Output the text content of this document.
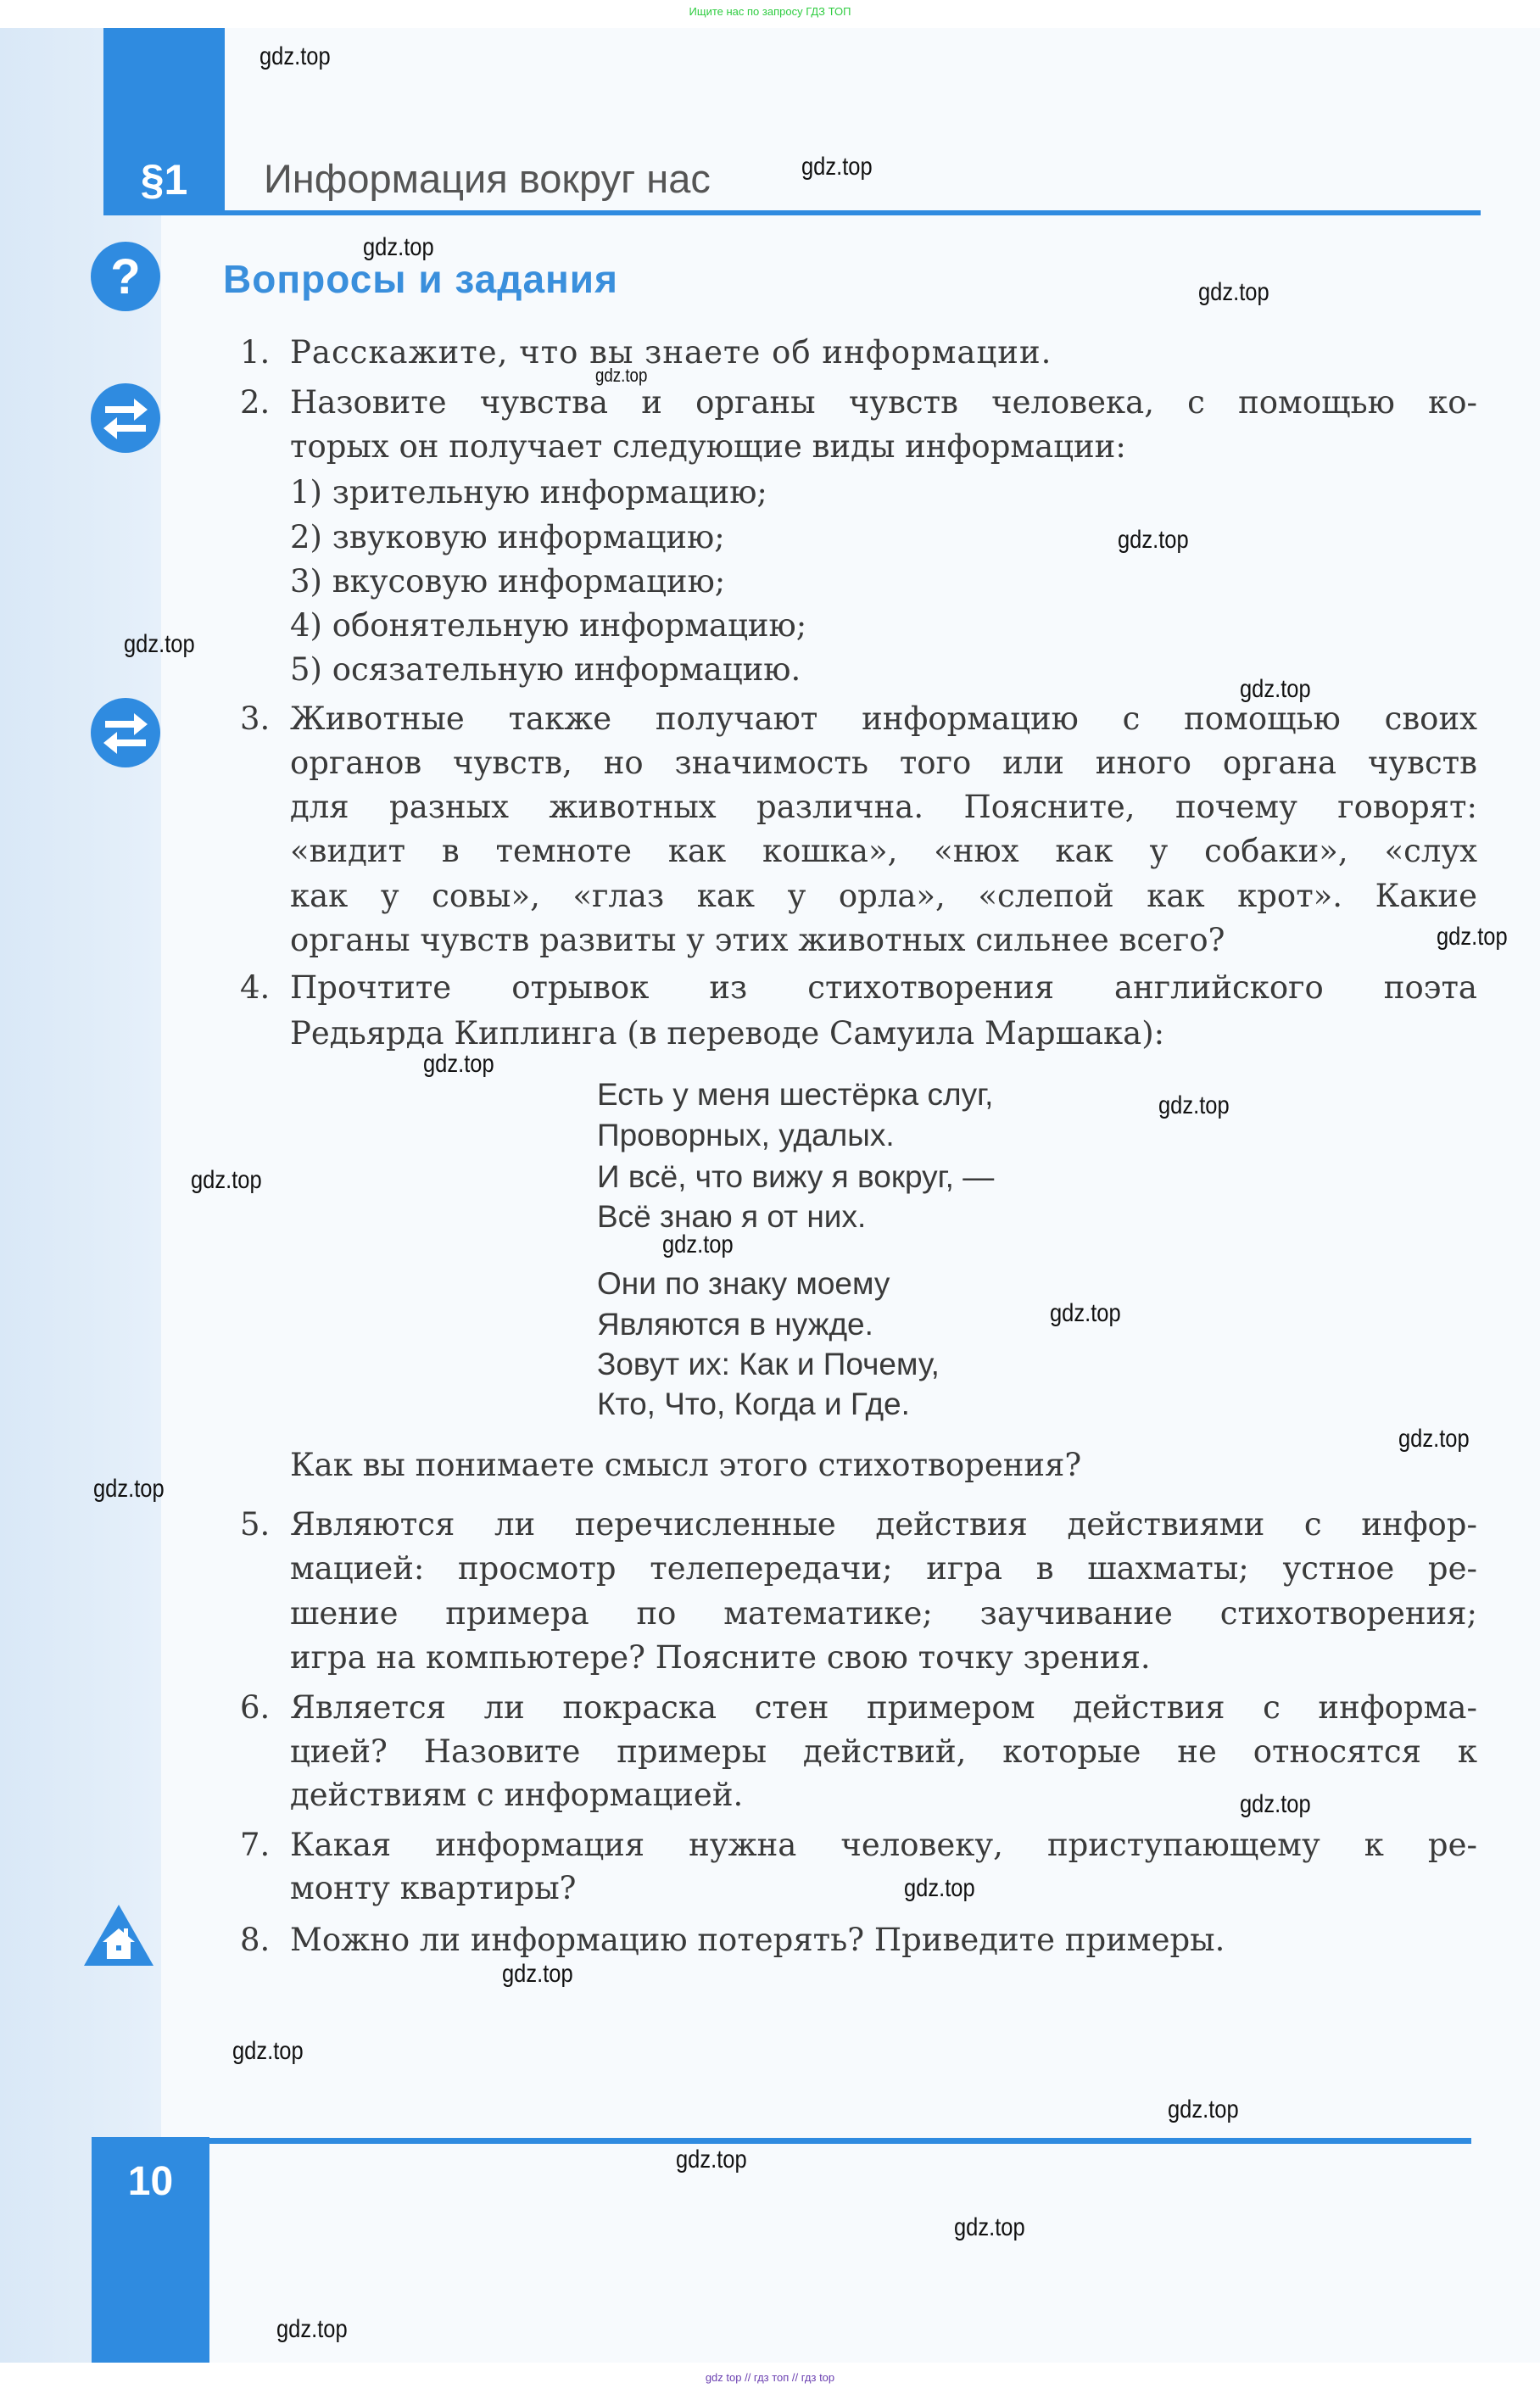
Ищите нас по запросу ГДЗ ТОП
§1	Информация вокруг нас
? Вопросы и задания
1. Расскажите, что вы знаете об информации.
2. Назовите чувства и органы чувств человека, с помощью ко-
торых он получает следующие виды информации:
1) зрительную информацию;
2) звуковую информацию;
3) вкусовую информацию;
4) обонятельную информацию;
5) осязательную информацию.
3. Животные также получают информацию с помощью своих
органов чувств, но значимость того или иного органа чувств
для разных животных различна. Поясните, почему говорят:
«видит в темноте как кошка», «нюх как у собаки», «слух
как у совы», «глаз как у орла», «слепой как крот». Какие
органы чувств развиты у этих животных сильнее всего?
4. Прочтите отрывок из стихотворения английского поэта
Редьярда Киплинга (в переводе Самуила Маршака):
Есть у меня шестёрка слуг,
Проворных, удалых.
И всё, что вижу я вокруг, —
Всё знаю я от них.
Они по знаку моему
Являются в нужде.
Зовут их: Как и Почему,
Кто, Что, Когда и Где.
Как вы понимаете смысл этого стихотворения?
5. Являются ли перечисленные действия действиями с инфор-
мацией: просмотр телепередачи; игра в шахматы; устное ре-
шение примера по математике; заучивание стихотворения;
игра на компьютере? Поясните свою точку зрения.
6. Является ли покраска стен примером действия с информа-
цией? Назовите примеры действий, которые не относятся к
действиям с информацией.
7. Какая информация нужна человеку, приступающему к ре-
монту квартиры?
8. Можно ли информацию потерять? Приведите примеры.
10
gdz top // гдз топ // гдз top
gdz.top
gdz.top
gdz.top
gdz.top
gdz.top
gdz.top
gdz.top
gdz.top
gdz.top
gdz.top
gdz.top
gdz.top
gdz.top
gdz.top
gdz.top
gdz.top
gdz.top
gdz.top
gdz.top
gdz.top
gdz.top
gdz.top
gdz.top
gdz.top
